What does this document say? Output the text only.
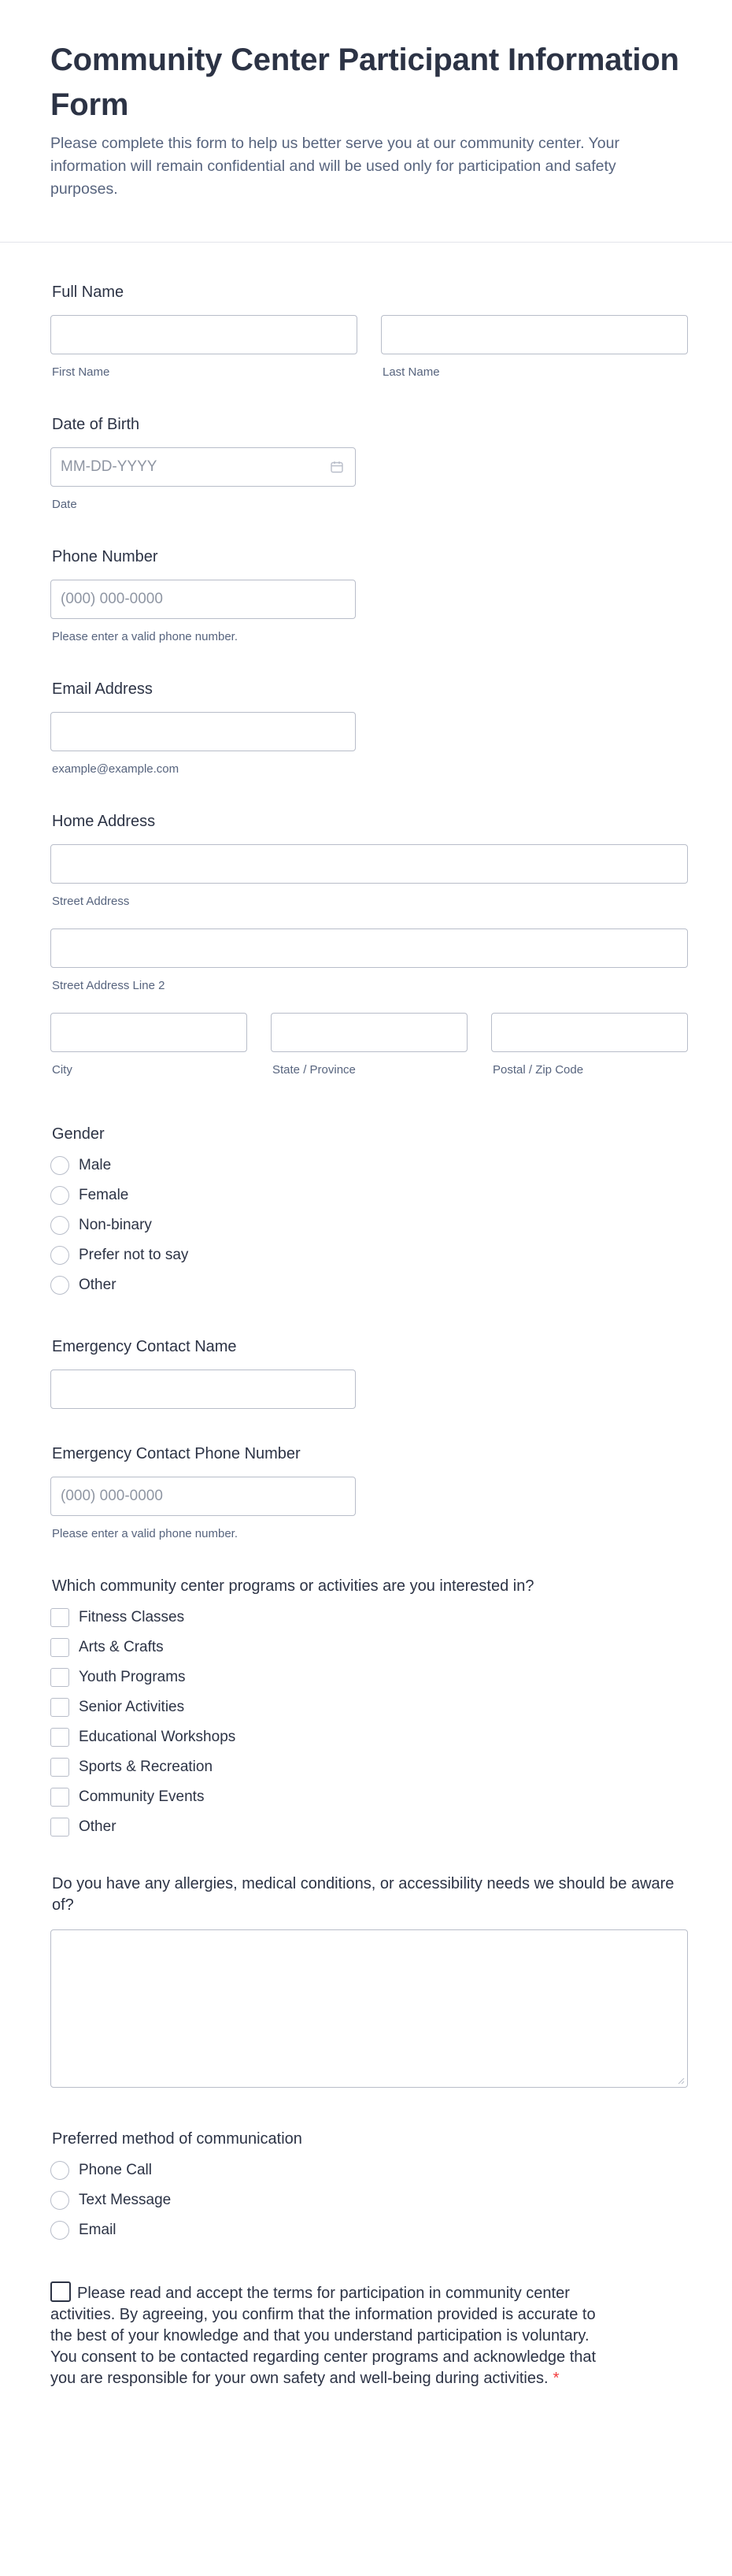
Community Center Participant Information Form

Please complete this form to help us better serve you at our community center. Your information will remain confidential and will be used only for participation and safety purposes.

Full Name
First Name	Last Name
Date of Birth
MM-DD-YYYY
Date
Phone Number
(000) 000-0000
Please enter a valid phone number.
Email Address
example@example.com
Home Address
Street Address
Street Address Line 2
City	State / Province	Postal / Zip Code
Gender
Male
Female
Non-binary
Prefer not to say
Other
Emergency Contact Name
Emergency Contact Phone Number
(000) 000-0000
Please enter a valid phone number.
Which community center programs or activities are you interested in?
Fitness Classes
Arts & Crafts
Youth Programs
Senior Activities
Educational Workshops
Sports & Recreation
Community Events
Other
Do you have any allergies, medical conditions, or accessibility needs we should be aware of?
Preferred method of communication
Phone Call
Text Message
Email
Please read and accept the terms for participation in community center activities. By agreeing, you confirm that the information provided is accurate to the best of your knowledge and that you understand participation is voluntary. You consent to be contacted regarding center programs and acknowledge that you are responsible for your own safety and well-being during activities. *
